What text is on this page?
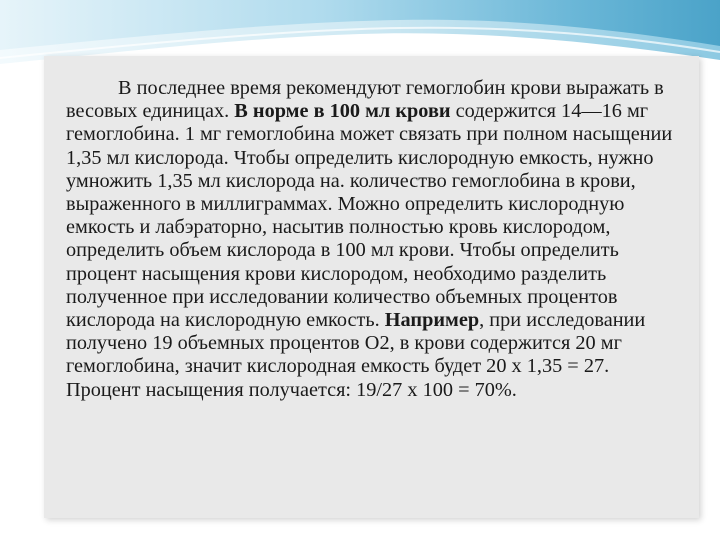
В последнее время рекомендуют гемоглобин крови выражать в весовых единицах. В норме в 100 мл крови содержится 14—16 мг гемоглобина. 1 мг гемоглобина может связать при полном насыщении 1,35 мл кислорода. Чтобы определить кислородную емкость, нужно умножить 1,35 мл кислорода на. количество гемоглобина в крови, выраженного в миллиграммах. Можно определить кислородную емкость и лабэраторно, насытив полностью кровь кислородом, определить объем кислорода в 100 мл крови. Чтобы определить процент насыщения крови кислородом, необходимо разделить полученное при исследовании количество объемных процентов кислорода на кислородную емкость. Например, при исследовании получено 19 объемных процентов О2, в крови содержится 20 мг гемоглобина, значит кислородная емкость будет 20 х 1,35 = 27. Процент насыщения получается: 19/27 х 100 = 70%.
